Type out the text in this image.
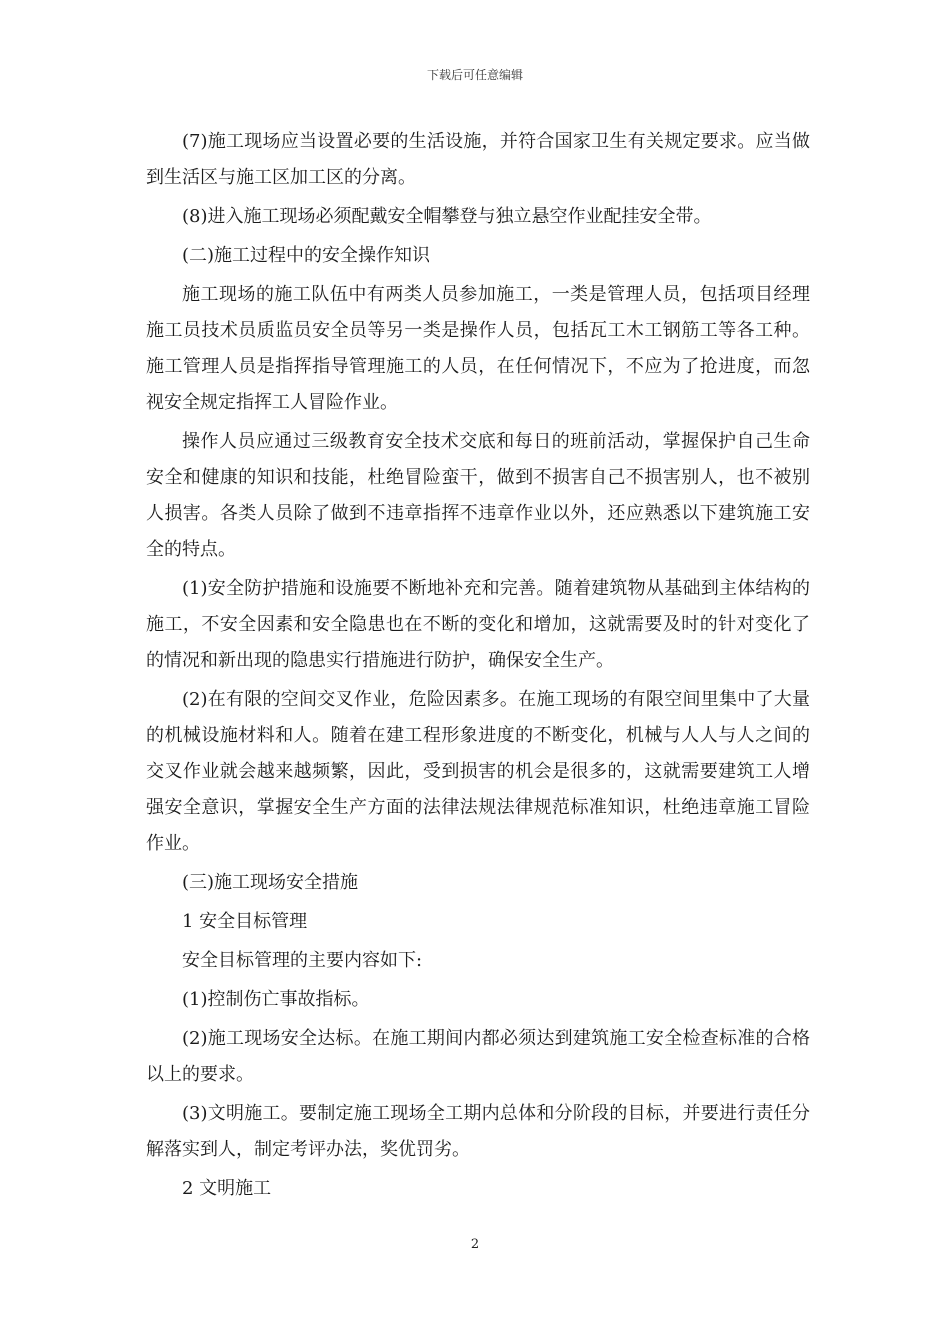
下载后可任意编辑

(7)施工现场应当设置必要的生活设施，并符合国家卫生有关规定要求。应当做到生活区与施工区加工区的分离。

(8)进入施工现场必须配戴安全帽攀登与独立悬空作业配挂安全带。

(二)施工过程中的安全操作知识

施工现场的施工队伍中有两类人员参加施工，一类是管理人员，包括项目经理施工员技术员质监员安全员等另一类是操作人员，包括瓦工木工钢筋工等各工种。施工管理人员是指挥指导管理施工的人员，在任何情况下，不应为了抢进度，而忽视安全规定指挥工人冒险作业。

操作人员应通过三级教育安全技术交底和每日的班前活动，掌握保护自己生命安全和健康的知识和技能，杜绝冒险蛮干，做到不损害自己不损害别人，也不被别人损害。各类人员除了做到不违章指挥不违章作业以外，还应熟悉以下建筑施工安全的特点。

(1)安全防护措施和设施要不断地补充和完善。随着建筑物从基础到主体结构的施工，不安全因素和安全隐患也在不断的变化和增加，这就需要及时的针对变化了的情况和新出现的隐患实行措施进行防护，确保安全生产。

(2)在有限的空间交叉作业，危险因素多。在施工现场的有限空间里集中了大量的机械设施材料和人。随着在建工程形象进度的不断变化，机械与人人与人之间的交叉作业就会越来越频繁，因此，受到损害的机会是很多的，这就需要建筑工人增强安全意识，掌握安全生产方面的法律法规法律规范标准知识，杜绝违章施工冒险作业。

(三)施工现场安全措施

1 安全目标管理

安全目标管理的主要内容如下:

(1)控制伤亡事故指标。

(2)施工现场安全达标。在施工期间内都必须达到建筑施工安全检查标准的合格以上的要求。

(3)文明施工。要制定施工现场全工期内总体和分阶段的目标，并要进行责任分解落实到人，制定考评办法，奖优罚劣。

2 文明施工

2
